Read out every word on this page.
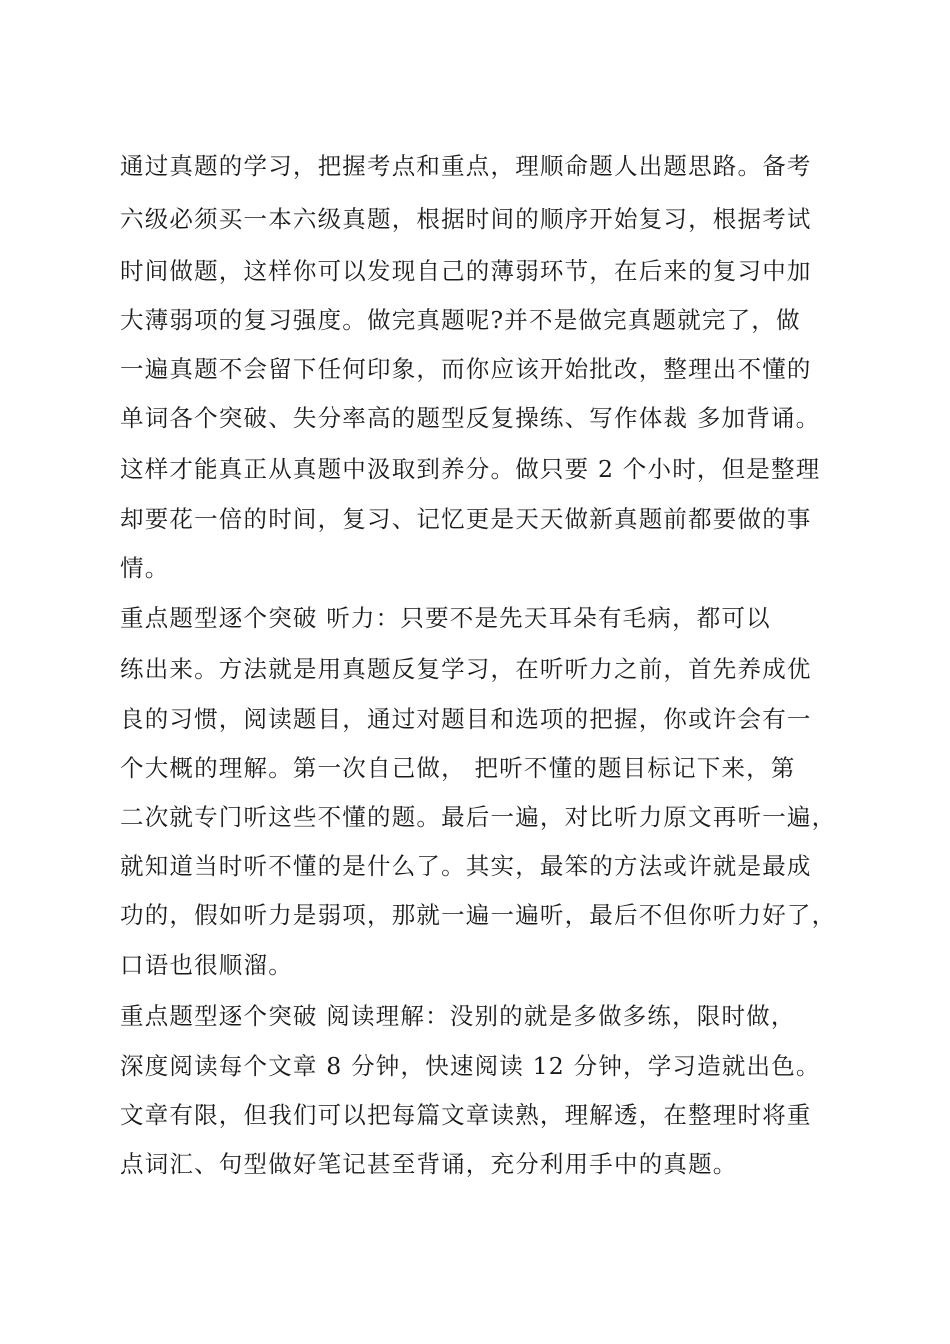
通过真题的学习，把握考点和重点，理顺命题人出题思路。备考
六级必须买一本六级真题，根据时间的顺序开始复习，根据考试
时间做题，这样你可以发现自己的薄弱环节，在后来的复习中加
大薄弱项的复习强度。做完真题呢?并不是做完真题就完了，做
一遍真题不会留下任何印象，而你应该开始批改，整理出不懂的
单词各个突破、失分率高的题型反复操练、写作体裁 多加背诵。
这样才能真正从真题中汲取到养分。做只要 2 个小时，但是整理
却要花一倍的时间，复习、记忆更是天天做新真题前都要做的事
情。
重点题型逐个突破 听力：只要不是先天耳朵有毛病，都可以
练出来。方法就是用真题反复学习，在听听力之前，首先养成优
良的习惯，阅读题目，通过对题目和选项的把握，你或许会有一
个大概的理解。第一次自己做， 把听不懂的题目标记下来，第
二次就专门听这些不懂的题。最后一遍，对比听力原文再听一遍，
就知道当时听不懂的是什么了。其实，最笨的方法或许就是最成
功的，假如听力是弱项，那就一遍一遍听，最后不但你听力好了，
口语也很顺溜。
重点题型逐个突破 阅读理解：没别的就是多做多练，限时做，
深度阅读每个文章 8 分钟，快速阅读 12 分钟，学习造就出色。
文章有限，但我们可以把每篇文章读熟，理解透，在整理时将重
点词汇、句型做好笔记甚至背诵，充分利用手中的真题。
